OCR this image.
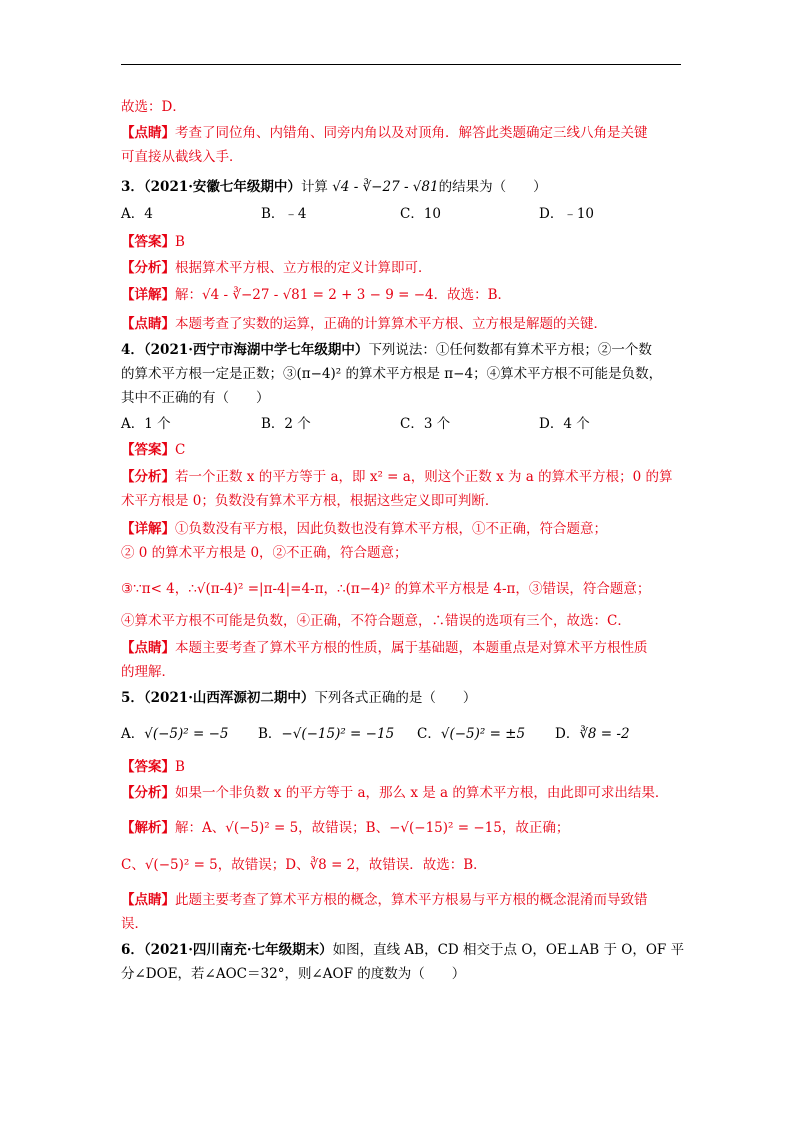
故选：D．
【点睛】考查了同位角、内错角、同旁内角以及对顶角．解答此类题确定三线八角是关键
可直接从截线入手．
3．（2021·安徽七年级期中）计算 √4 - ∛−27 - √81的结果为（　　）
A．4	B．﹣4	C．10	D．﹣10
【答案】B
【分析】根据算术平方根、立方根的定义计算即可．
【详解】解：√4 - ∛−27 - √81 = 2 + 3 − 9 = −4．故选：B．
【点睛】本题考查了实数的运算，正确的计算算术平方根、立方根是解题的关键．
4．（2021·西宁市海湖中学七年级期中）下列说法：①任何数都有算术平方根；②一个数
的算术平方根一定是正数；③(π−4)² 的算术平方根是 π−4；④算术平方根不可能是负数，
其中不正确的有（　　）
A．1 个	B．2 个	C．3 个	D．4 个
【答案】C
【分析】若一个正数 x 的平方等于 a，即 x² = a，则这个正数 x 为 a 的算术平方根；0 的算
术平方根是 0；负数没有算术平方根，根据这些定义即可判断．
【详解】①负数没有平方根，因此负数也没有算术平方根，①不正确，符合题意；
② 0 的算术平方根是 0，②不正确，符合题意；
③∵π< 4，∴√(π-4)² =|π-4|=4-π，∴(π−4)² 的算术平方根是 4-π，③错误，符合题意；
④算术平方根不可能是负数，④正确，不符合题意，∴错误的选项有三个，故选：C．
【点睛】本题主要考查了算术平方根的性质，属于基础题，本题重点是对算术平方根性质
的理解．
5．（2021·山西浑源初二期中）下列各式正确的是（　　）
A．√(−5)² = −5 B．−√(−15)² = −15 C．√(−5)² = ±5 D．∛8 = -2
【答案】B
【分析】如果一个非负数 x 的平方等于 a，那么 x 是 a 的算术平方根，由此即可求出结果．
【解析】解：A、√(−5)² = 5，故错误；B、−√(−15)² = −15，故正确；
C、√(−5)² = 5，故错误；D、∛8 = 2，故错误．故选：B．
【点睛】此题主要考查了算术平方根的概念，算术平方根易与平方根的概念混淆而导致错
误．
6．（2021·四川南充·七年级期末）如图，直线 AB，CD 相交于点 O，OE⊥AB 于 O，OF 平
分∠DOE，若∠AOC＝32°，则∠AOF 的度数为（　　）
